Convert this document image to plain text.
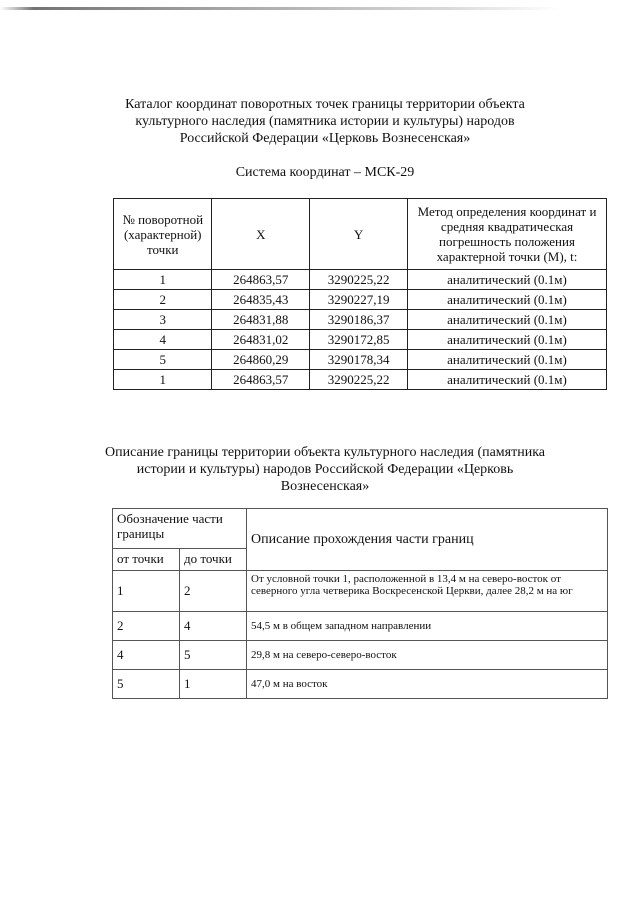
Каталог координат поворотных точек границы территории объекта культурного наследия (памятника истории и культуры) народов Российской Федерации «Церковь Вознесенская»
Система координат – МСК-29
№ поворотной (характерной) точки	X	Y	Метод определения координат и средняя квадратическая погрешность положения характерной точки (M), t:
1	264863,57	3290225,22	аналитический (0.1м)
2	264835,43	3290227,19	аналитический (0.1м)
3	264831,88	3290186,37	аналитический (0.1м)
4	264831,02	3290172,85	аналитический (0.1м)
5	264860,29	3290178,34	аналитический (0.1м)
1	264863,57	3290225,22	аналитический (0.1м)
Описание границы территории объекта культурного наследия (памятника истории и культуры) народов Российской Федерации «Церковь Вознесенская»
Обозначение части границы		Описание прохождения части границ
от точки	до точки	
1	2	От условной точки 1, расположенной в 13,4 м на северо-восток от северного угла четверика Воскресенской Церкви, далее 28,2 м на юг
2	4	54,5 м в общем западном направлении
4	5	29,8 м на северо-северо-восток
5	1	47,0 м на восток
